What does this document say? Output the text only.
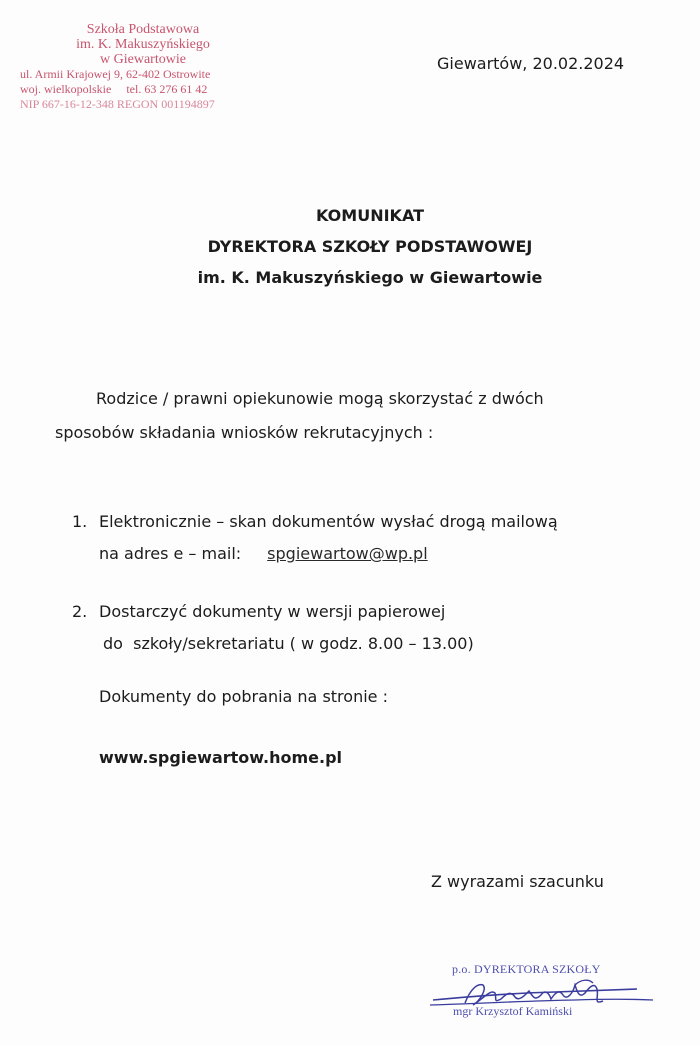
Szkoła Podstawowa
im. K. Makuszyńskiego
w Giewartowie
ul. Armii Krajowej 9, 62-402 Ostrowite
woj. wielkopolskie     tel. 63 276 61 42
NIP 667-16-12-348 REGON 001194897
Giewartów, 20.02.2024
KOMUNIKAT
DYREKTORA SZKOŁY PODSTAWOWEJ
im. K. Makuszyńskiego w Giewartowie
Rodzice / prawni opiekunowie mogą skorzystać z dwóch
sposobów składania wniosków rekrutacyjnych :
1. Elektronicznie – skan dokumentów wysłać drogą mailową
na adres e – mail: spgiewartow@wp.pl
2. Dostarczyć dokumenty w wersji papierowej
do  szkoły/sekretariatu ( w godz. 8.00 – 13.00)
Dokumenty do pobrania na stronie :
www.spgiewartow.home.pl
Z wyrazami szacunku
p.o. DYREKTORA SZKOŁY
mgr Krzysztof Kamiński
